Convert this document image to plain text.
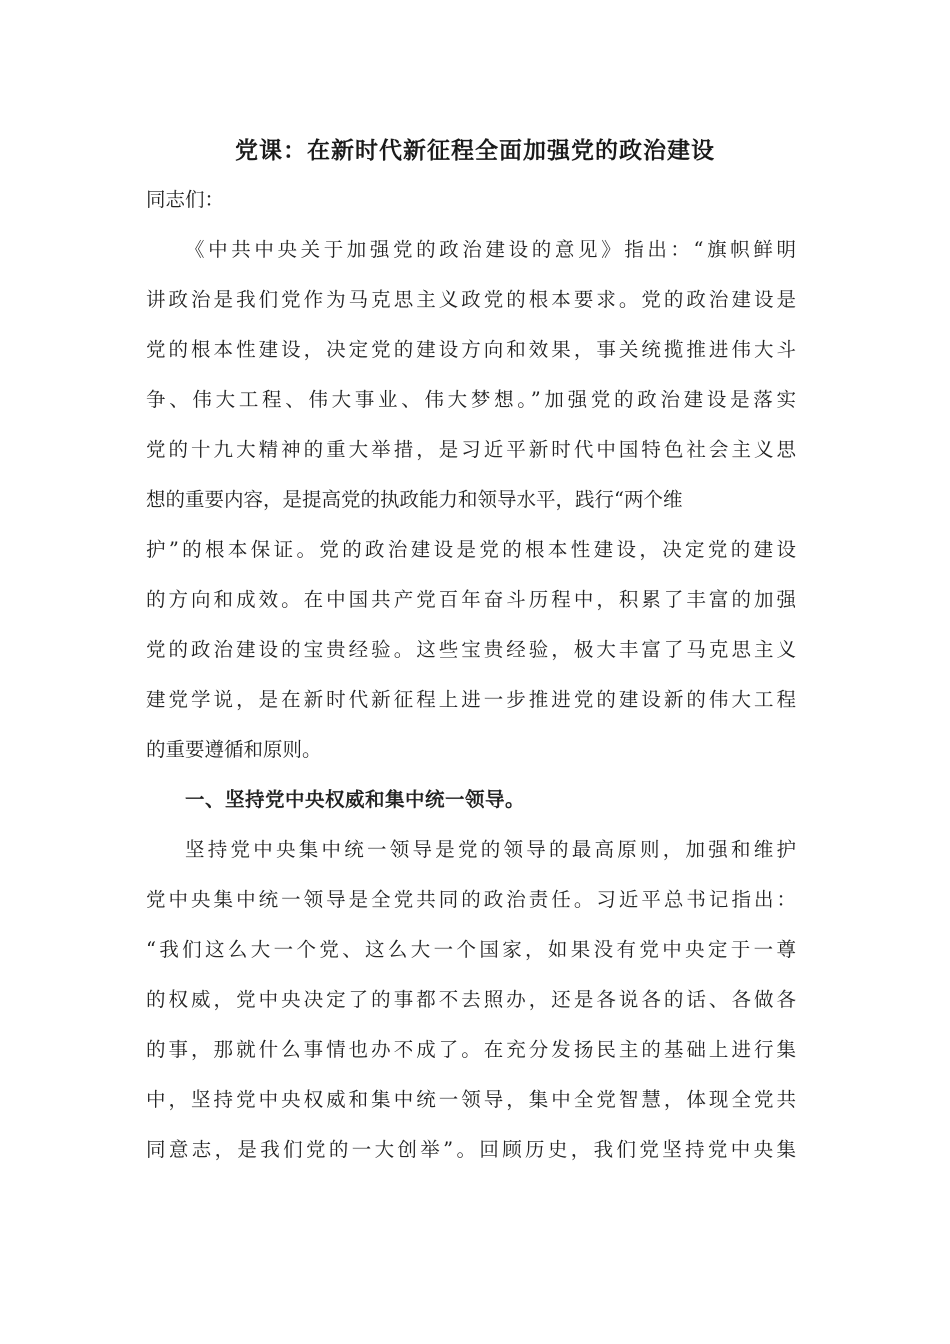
党课：在新时代新征程全面加强党的政治建设
同志们：
《中共中央关于加强党的政治建设的意见》指出：“旗帜鲜明
讲政治是我们党作为马克思主义政党的根本要求。党的政治建设是
党的根本性建设，决定党的建设方向和效果，事关统揽推进伟大斗
争、伟大工程、伟大事业、伟大梦想。”加强党的政治建设是落实
党的十九大精神的重大举措，是习近平新时代中国特色社会主义思
想的重要内容，是提高党的执政能力和领导水平，践行“两个维
护”的根本保证。党的政治建设是党的根本性建设，决定党的建设
的方向和成效。在中国共产党百年奋斗历程中，积累了丰富的加强
党的政治建设的宝贵经验。这些宝贵经验，极大丰富了马克思主义
建党学说，是在新时代新征程上进一步推进党的建设新的伟大工程
的重要遵循和原则。
一、坚持党中央权威和集中统一领导。
坚持党中央集中统一领导是党的领导的最高原则，加强和维护
党中央集中统一领导是全党共同的政治责任。习近平总书记指出：
“我们这么大一个党、这么大一个国家，如果没有党中央定于一尊
的权威，党中央决定了的事都不去照办，还是各说各的话、各做各
的事，那就什么事情也办不成了。在充分发扬民主的基础上进行集
中，坚持党中央权威和集中统一领导，集中全党智慧，体现全党共
同意志，是我们党的一大创举”。回顾历史，我们党坚持党中央集
